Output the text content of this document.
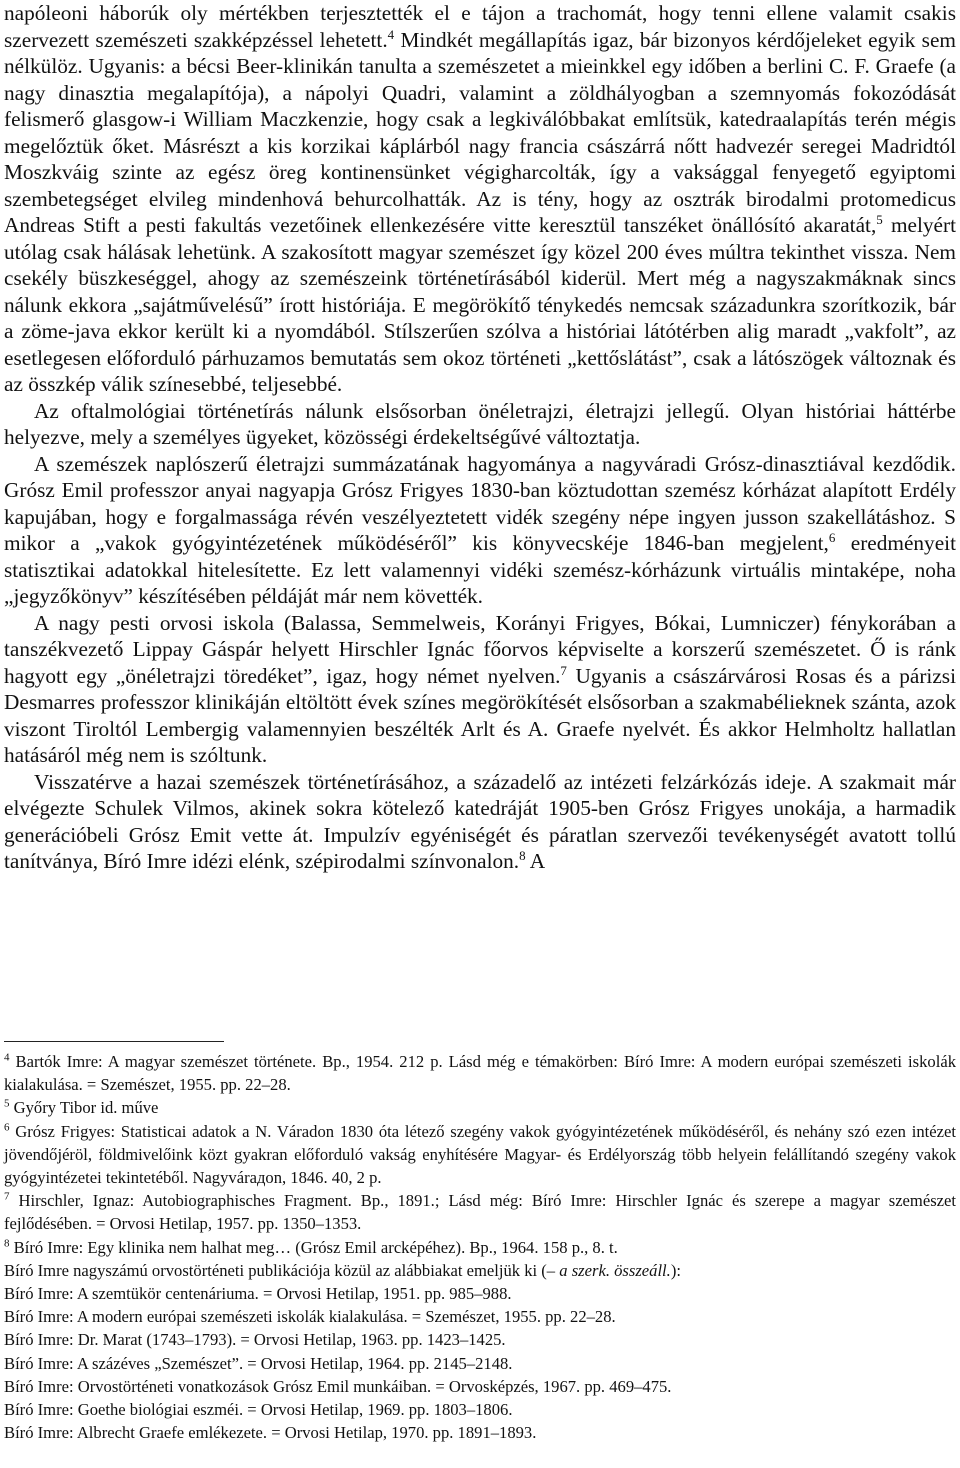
napóleoni háborúk oly mértékben terjesztették el e tájon a trachomát, hogy tenni ellene valamit csakis szervezett szemészeti szakképzéssel lehetett.$^4$ Mindkét megállapítás igaz, bár bizonyos kérdőjeleket egyik sem nélkülöz. Ugyanis: a bécsi Beer-klinikán tanulta a szemészetet a mieinkkel egy időben a berlini C. F. Graefe (a nagy dinasztia megalapítója), a nápolyi Quadri, valamint a zöldhályogban a szemnyomás fokozódását felismerő glasgow-i William Maczkenzie, hogy csak a legkiválóbbakat említsük, katedraalapítás terén mégis megelőztük őket. Másrészt a kis korzikai káplárból nagy francia császárrá nőtt hadvezér seregei Madridtól Moszkváig szinte az egész öreg kontinensünket végigharcolták, így a vaksággal fenyegető egyiptomi szembetegséget elvileg mindenhová behurcolhatták. Az is tény, hogy az osztrák birodalmi protomedicus Andreas Stift a pesti fakultás vezetőinek ellenkezésére vitte keresztül tanszéket önállósító akaratát,$^5$ melyért utólag csak hálásak lehetünk. A szakosított magyar szemészet így közel 200 éves múltra tekinthet vissza. Nem csekély büszkeséggel, ahogy az szemészeink történetírásából kiderül. Mert még a nagyszakmáknak sincs nálunk ekkora „sajátművelésű” írott históriája. E megörökítő ténykedés nemcsak századunkra szorítkozik, bár a zöme-java ekkor került ki a nyomdából. Stílszerűen szólva a históriai látótérben alig maradt „vakfolt”, az esetlegesen előforduló párhuzamos bemutatás sem okoz történeti „kettőslátást”, csak a látószögek változnak és az összkép válik színesebbé, teljesebbé.
Az oftalmológiai történetírás nálunk elsősorban önéletrajzi, életrajzi jellegű. Olyan históriai háttérbe helyezve, mely a személyes ügyeket, közösségi érdekeltségűvé változtatja.
A szemészek naplószerű életrajzi summázatának hagyománya a nagyváradi Grósz-dinasztiával kezdődik. Grósz Emil professzor anyai nagyapja Grósz Frigyes 1830-ban köztudottan szemész kórházat alapított Erdély kapujában, hogy e forgalmassága révén veszélyeztetett vidék szegény népe ingyen jusson szakellátáshoz. S mikor a „vakok gyógyintézetének működéséről” kis könyvecskéje 1846-ban megjelent,$^6$ eredményeit statisztikai adatokkal hitelesítette. Ez lett valamennyi vidéki szemész-kórházunk virtuális mintaképe, noha „jegyzőkönyv” készítésében példáját már nem követték.
A nagy pesti orvosi iskola (Balassa, Semmelweis, Korányi Frigyes, Bókai, Lumniczer) fénykorában a tanszékvezető Lippay Gáspár helyett Hirschler Ignác főorvos képviselte a korszerű szemészetet. Ő is ránk hagyott egy „önéletrajzi töredéket”, igaz, hogy német nyelven.$^7$ Ugyanis a császárvárosi Rosas és a párizsi Desmarres professzor klinikáján eltöltött évek színes megörökítését elsősorban a szakmabélieknek szánta, azok viszont Tiroltól Lembergig valamennyien beszélték Arlt és A. Graefe nyelvét. És akkor Helmholtz hallatlan hatásáról még nem is szóltunk.
Visszatérve a hazai szemészek történetírásához, a századelő az intézeti felzárkózás ideje. A szakmait már elvégezte Schulek Vilmos, akinek sokra kötelező katedráját 1905-ben Grósz Frigyes unokája, a harmadik generációbeli Grósz Emit vette át. Impulzív egyéniségét és páratlan szervezői tevékenységét avatott tollú tanítványa, Bíró Imre idézi elénk, szépirodalmi színvonalon.$^8$ A
$^4$ Bartók Imre: A magyar szemészet története. Bp., 1954. 212 p. Lásd még e témakörben: Bíró Imre: A modern európai szemészeti iskolák kialakulása. = Szemészet, 1955. pp. 22–28.
$^5$ Győry Tibor id. műve
$^6$ Grósz Frigyes: Statisticai adatok a N. Váradon 1830 óta létező szegény vakok gyógyintézetének működéséről, és nehány szó ezen intézet jövendőjéröl, földmivelőink közt gyakran előforduló vakság enyhítésére Magyar- és Erdélyország több helyein felállítandó szegény vakok gyógyintézetei tekintetéből. Nagyvárадon, 1846. 40, 2 p.
$^7$ Hirschler, Ignaz: Autobiographisches Fragment. Bp., 1891.; Lásd még: Bíró Imre: Hirschler Ignác és szerepe a magyar szemészet fejlődésében. = Orvosi Hetilap, 1957. pp. 1350–1353.
$^8$ Bíró Imre: Egy klinika nem halhat meg… (Grósz Emil arcképéhez). Bp., 1964. 158 p., 8. t.
Bíró Imre nagyszámú orvostörténeti publikációja közül az alábbiakat emeljük ki (– a szerk. összeáll.):
Bíró Imre: A szemtükör centenáriuma. = Orvosi Hetilap, 1951. pp. 985–988.
Bíró Imre: A modern európai szemészeti iskolák kialakulása. = Szemészet, 1955. pp. 22–28.
Bíró Imre: Dr. Marat (1743–1793). = Orvosi Hetilap, 1963. pp. 1423–1425.
Bíró Imre: A százéves „Szemészet”. = Orvosi Hetilap, 1964. pp. 2145–2148.
Bíró Imre: Orvostörténeti vonatkozások Grósz Emil munkáiban. = Orvosképzés, 1967. pp. 469–475.
Bíró Imre: Goethe biológiai eszméi. = Orvosi Hetilap, 1969. pp. 1803–1806.
Bíró Imre: Albrecht Graefe emlékezete. = Orvosi Hetilap, 1970. pp. 1891–1893.
